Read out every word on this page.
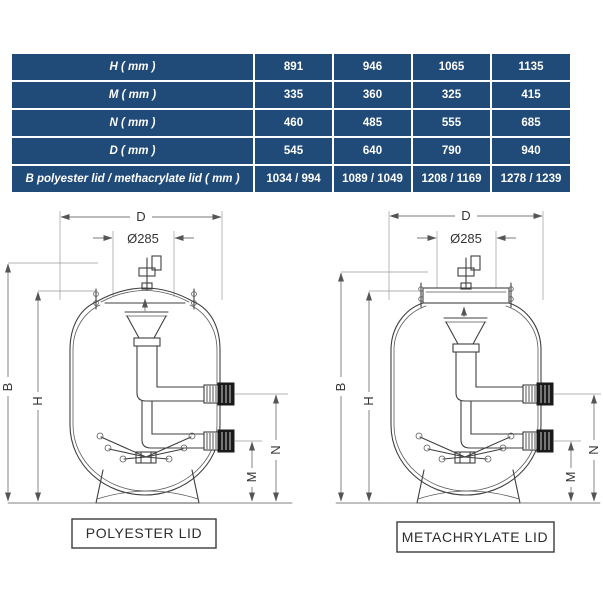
H ( mm )	891	946	1065	1135
M ( mm )	335	360	325	415
N ( mm )	460	485	555	685
D ( mm )	545	640	790	940
B polyester lid / methacrylate lid ( mm )	1034 / 994	1089 / 1049	1208 / 1169	1278 / 1239
D
Ø285
B
H
M
N
POLYESTER LID
D
Ø285
B
H
M
N
METACHRYLATE LID
